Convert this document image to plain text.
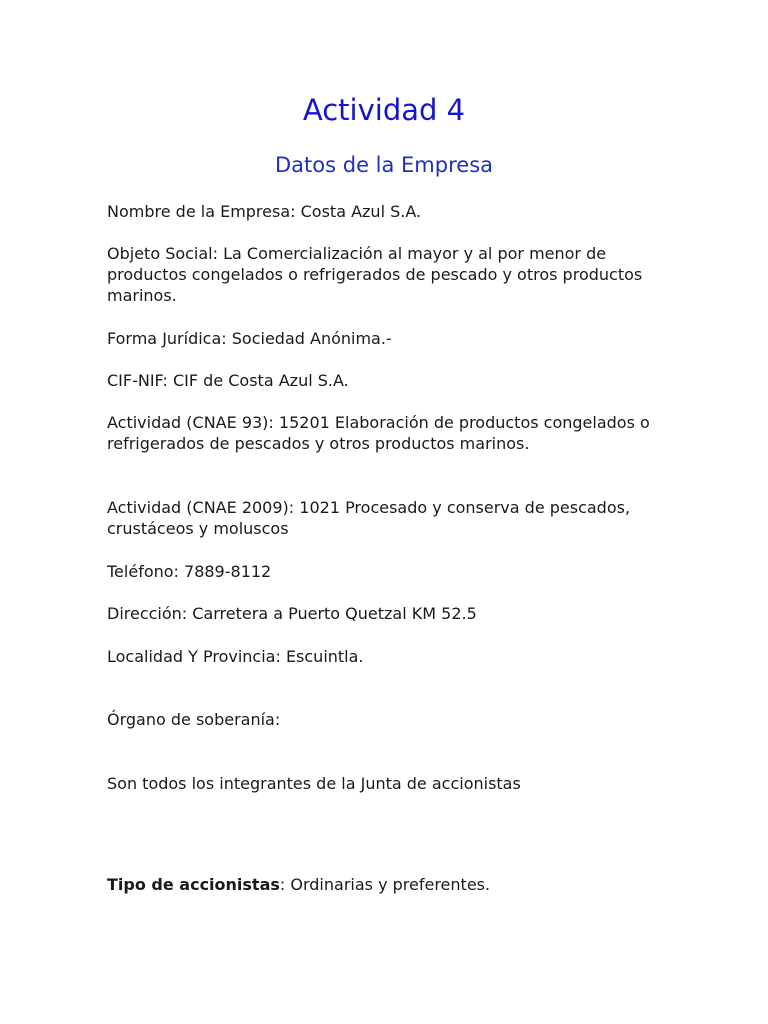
Actividad 4
Datos de la Empresa

Nombre de la Empresa: Costa Azul S.A.

Objeto Social: La Comercialización al mayor y al por menor de productos congelados o refrigerados de pescado y otros productos marinos.

Forma Jurídica: Sociedad Anónima.-

CIF-NIF: CIF de Costa Azul S.A.

Actividad (CNAE 93): 15201 Elaboración de productos congelados o refrigerados de pescados y otros productos marinos.

Actividad (CNAE 2009): 1021 Procesado y conserva de pescados, crustáceos y moluscos

Teléfono: 7889-8112

Dirección: Carretera a Puerto Quetzal KM 52.5

Localidad Y Provincia: Escuintla.

Órgano de soberanía:

Son todos los integrantes de la Junta de accionistas

Tipo de accionistas: Ordinarias y preferentes.
